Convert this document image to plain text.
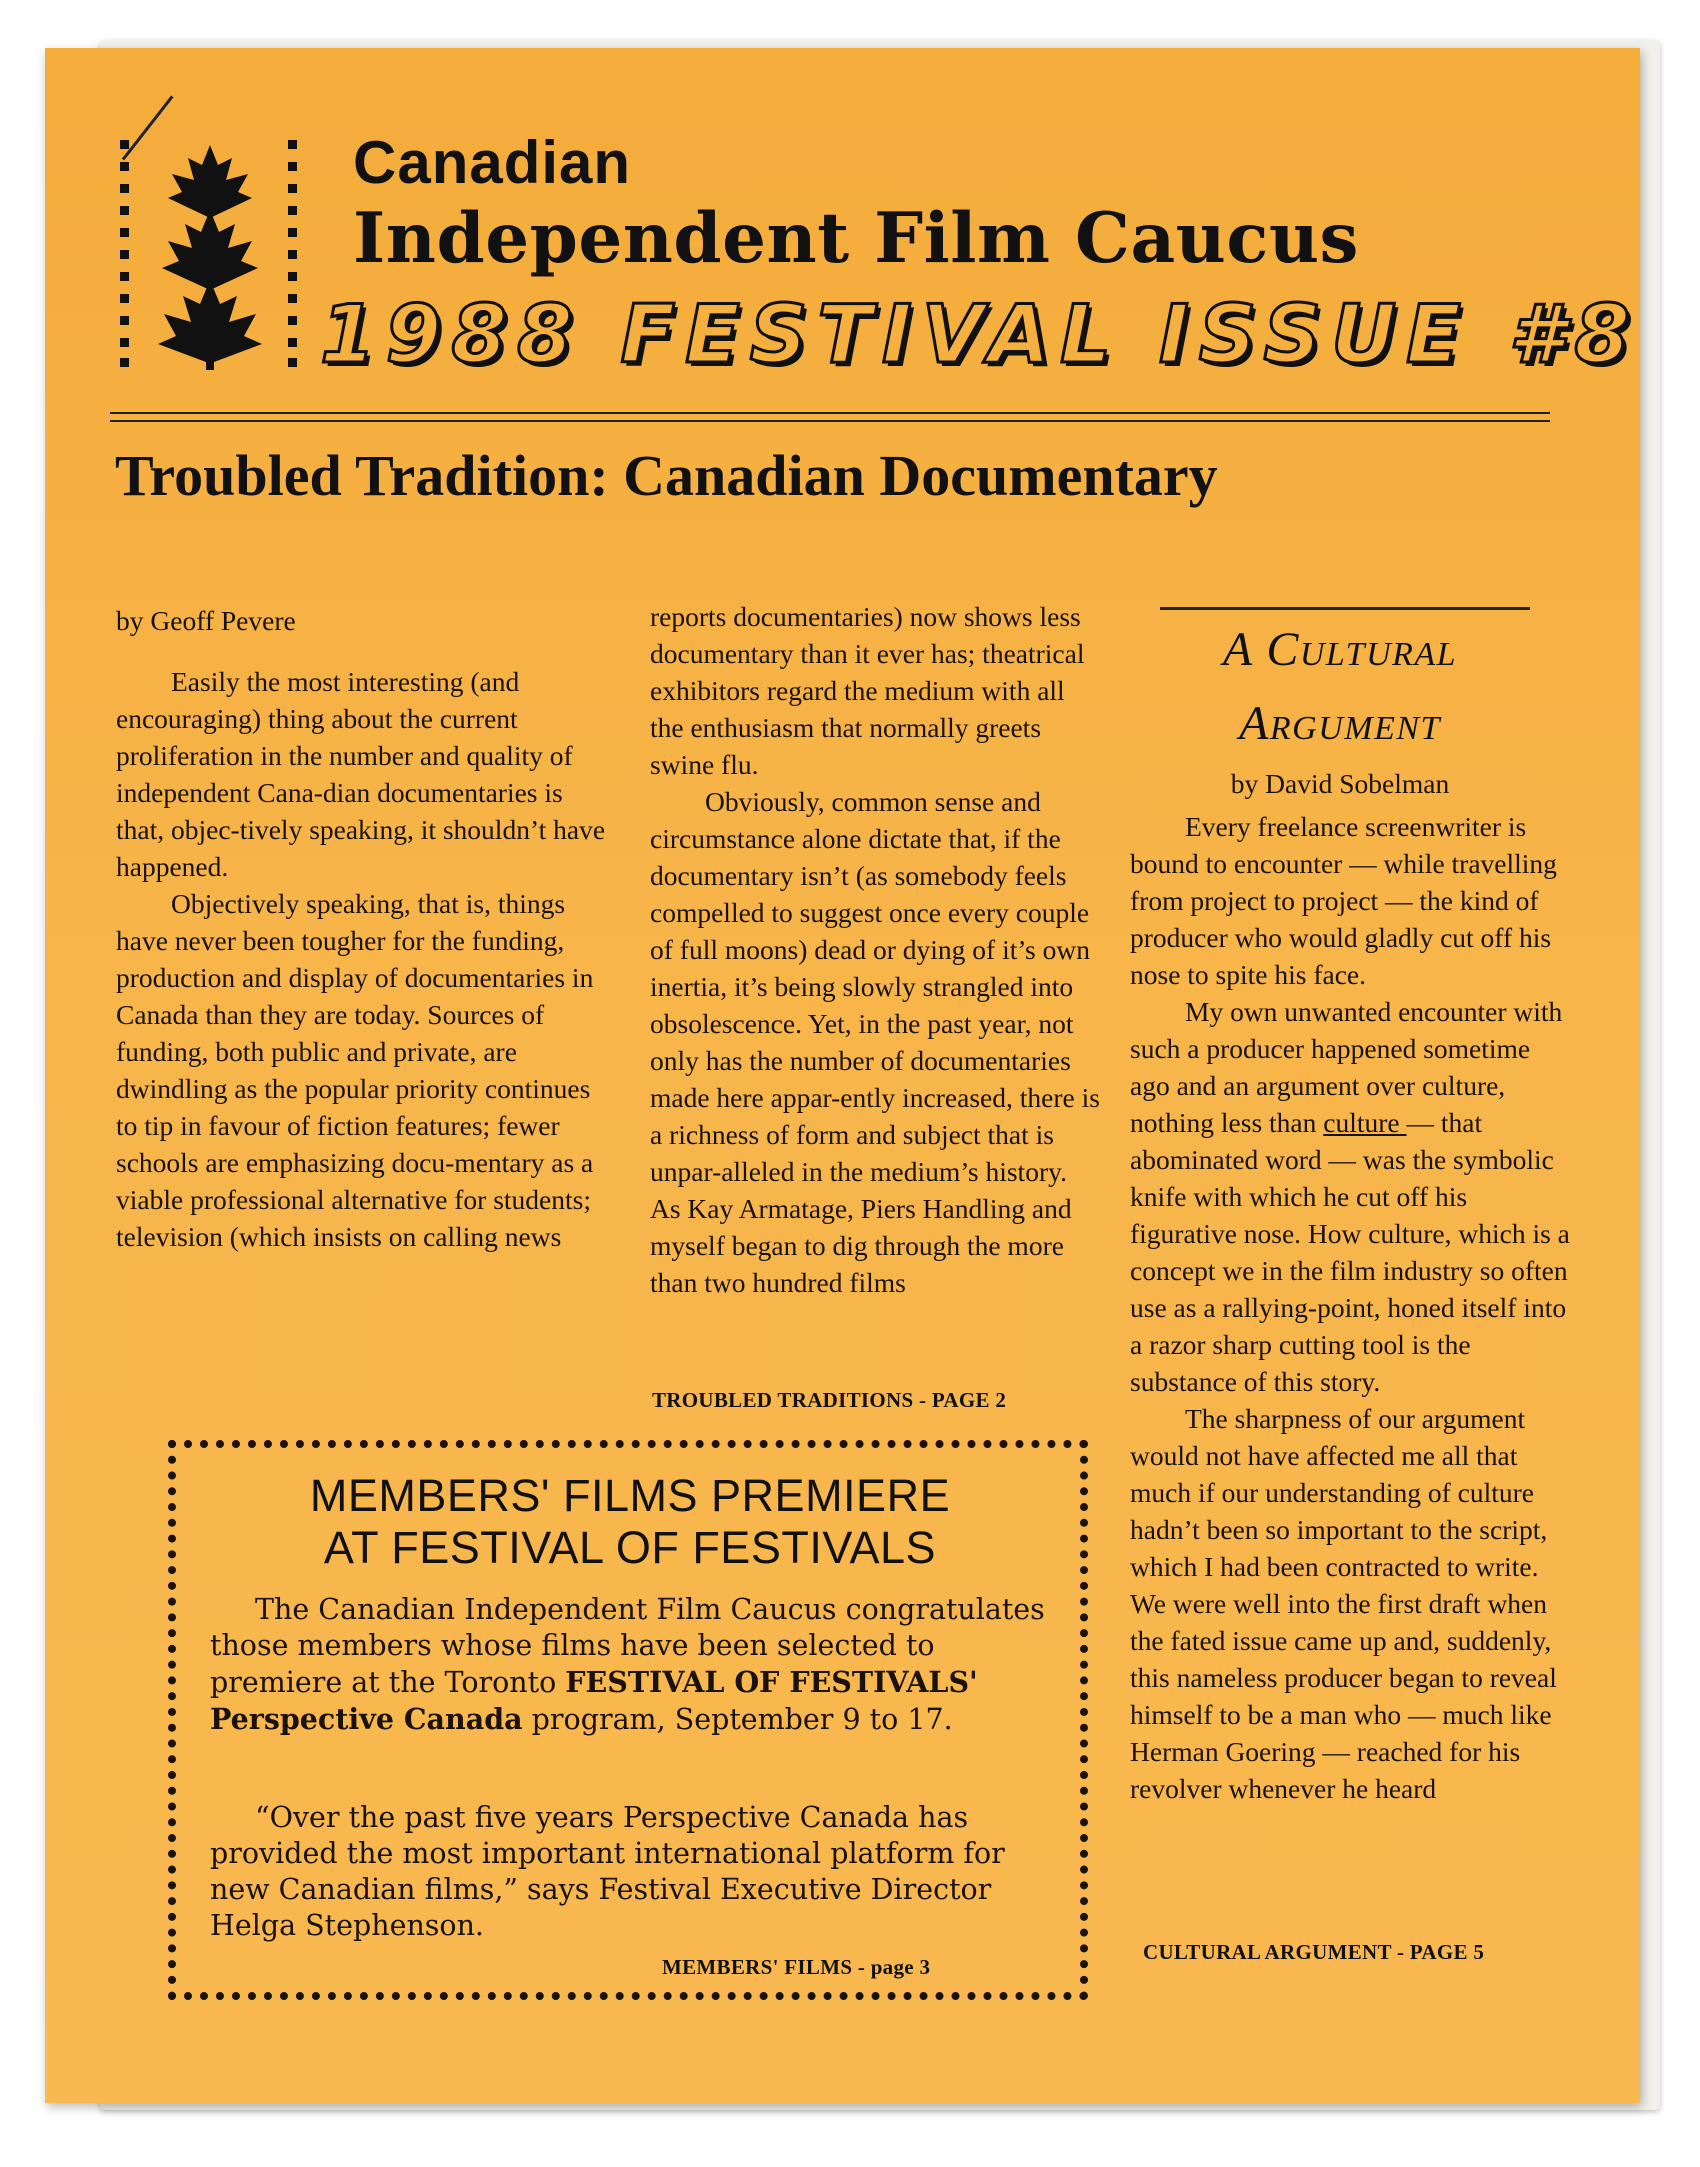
Canadian
Independent Film Caucus
1988 FESTIVAL ISSUE #8
Troubled Tradition: Canadian Documentary
by Geoff Pevere

Easily the most interesting (and encouraging) thing about the current proliferation in the number and quality of independent Cana-dian documentaries is that, objec-tively speaking, it shouldn’t have happened.

Objectively speaking, that is, things have never been tougher for the funding, production and display of documentaries in Canada than they are today. Sources of funding, both public and private, are dwindling as the popular priority continues to tip in favour of fiction features; fewer schools are emphasizing docu-mentary as a viable professional alternative for students; television (which insists on calling news

reports documentaries) now shows less documentary than it ever has; theatrical exhibitors regard the medium with all the enthusiasm that normally greets swine flu.

Obviously, common sense and circumstance alone dictate that, if the documentary isn’t (as somebody feels compelled to suggest once every couple of full moons) dead or dying of it’s own inertia, it’s being slowly strangled into obsolescence. Yet, in the past year, not only has the number of documentaries made here appar-ently increased, there is a richness of form and subject that is unpar-alleled in the medium’s history. As Kay Armatage, Piers Handling and myself began to dig through the more than two hundred films

TROUBLED TRADITIONS - PAGE 2
A Cultural
Argument
by David Sobelman

Every freelance screenwriter is bound to encounter — while travelling from project to project — the kind of producer who would gladly cut off his nose to spite his face.

My own unwanted encounter with such a producer happened sometime ago and an argument over culture, nothing less than culture — that abominated word — was the symbolic knife with which he cut off his figurative nose. How culture, which is a concept we in the film industry so often use as a rallying-point, honed itself into a razor sharp cutting tool is the substance of this story.

The sharpness of our argument would not have affected me all that much if our understanding of culture hadn’t been so important to the script, which I had been contracted to write. We were well into the first draft when the fated issue came up and, suddenly, this nameless producer began to reveal himself to be a man who — much like Herman Goering — reached for his revolver whenever he heard

CULTURAL ARGUMENT - PAGE 5
MEMBERS' FILMS PREMIERE
AT FESTIVAL OF FESTIVALS
The Canadian Independent Film Caucus congratulates those members whose films have been selected to premiere at the Toronto FESTIVAL OF FESTIVALS' Perspective Canada program, September 9 to 17.
“Over the past five years Perspective Canada has provided the most important international platform for new Canadian films,” says Festival Executive Director Helga Stephenson.
MEMBERS' FILMS - page 3
